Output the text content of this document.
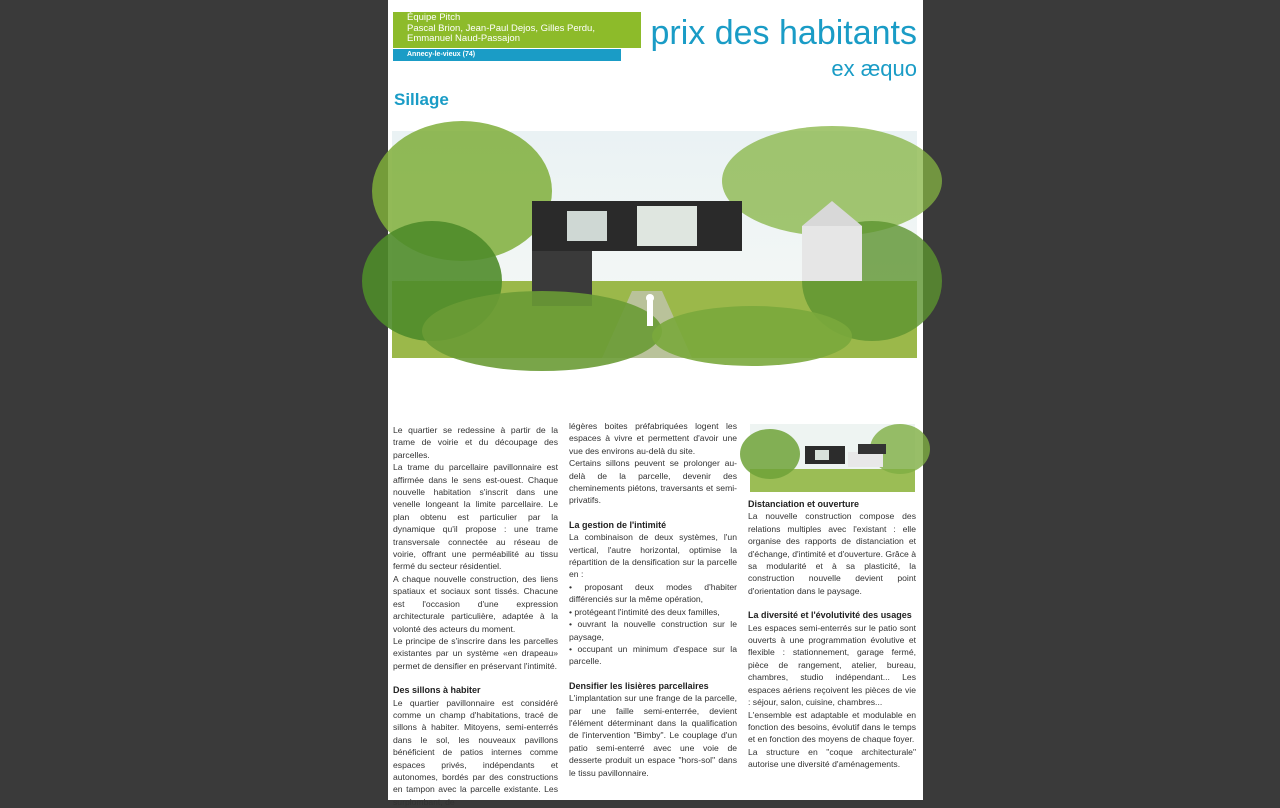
Équipe Pitch
Pascal Brion, Jean-Paul Dejos, Gilles Perdu,
Emmanuel Naud-Passajon
Annecy-le-vieux (74)
prix des habitants
ex æquo
Sillage

Le quartier se redessine à partir de la trame de voirie et du découpage des parcelles.

La trame du parcellaire pavillonnaire est affirmée dans le sens est-ouest. Chaque nouvelle habitation s'inscrit dans une venelle longeant la limite parcellaire. Le plan obtenu est particulier par la dynamique qu'il propose : une trame transversale connectée au réseau de voirie, offrant une perméabilité au tissu fermé du secteur résidentiel.

A chaque nouvelle construction, des liens spatiaux et sociaux sont tissés. Chacune est l'occasion d'une expression architecturale particulière, adaptée à la volonté des acteurs du moment.

Le principe de s'inscrire dans les parcelles existantes par un système «en drapeau» permet de densifier en préservant l'intimité.

Des sillons à habiter

Le quartier pavillonnaire est considéré comme un champ d'habitations, tracé de sillons à habiter. Mitoyens, semi-enterrés dans le sol, les nouveaux pavillons bénéficient de patios internes comme espaces privés, indépendants et autonomes, bordés par des constructions en tampon avec la parcelle existante. Les surplombant, de

légères boites préfabriquées logent les espaces à vivre et permettent d'avoir une vue des environs au-delà du site.

Certains sillons peuvent se prolonger au-delà de la parcelle, devenir des cheminements piétons, traversants et semi-privatifs.

La gestion de l'intimité

La combinaison de deux systèmes, l'un vertical, l'autre horizontal, optimise la répartition de la densification sur la parcelle en :

• proposant deux modes d'habiter différenciés sur la même opération,

• protégeant l'intimité des deux familles,

• ouvrant la nouvelle construction sur le paysage,

• occupant un minimum d'espace sur la parcelle.

Densifier les lisières parcellaires

L'implantation sur une frange de la parcelle, par une faille semi-enterrée, devient l'élément déterminant dans la qualification de l'intervention "Bimby". Le couplage d'un patio semi-enterré avec une voie de desserte produit un espace "hors-sol" dans le tissu pavillonnaire.

Distanciation et ouverture

La nouvelle construction compose des relations multiples avec l'existant : elle organise des rapports de distanciation et d'échange, d'intimité et d'ouverture. Grâce à sa modularité et à sa plasticité, la construction nouvelle devient point d'orientation dans le paysage.

La diversité et l'évolutivité des usages

Les espaces semi-enterrés sur le patio sont ouverts à une programmation évolutive et flexible : stationnement, garage fermé, pièce de rangement, atelier, bureau, chambres, studio indépendant... Les espaces aériens reçoivent les pièces de vie : séjour, salon, cuisine, chambres...

L'ensemble est adaptable et modulable en fonction des besoins, évolutif dans le temps et en fonction des moyens de chaque foyer.

La structure en "coque architecturale" autorise une diversité d'aménagements.
